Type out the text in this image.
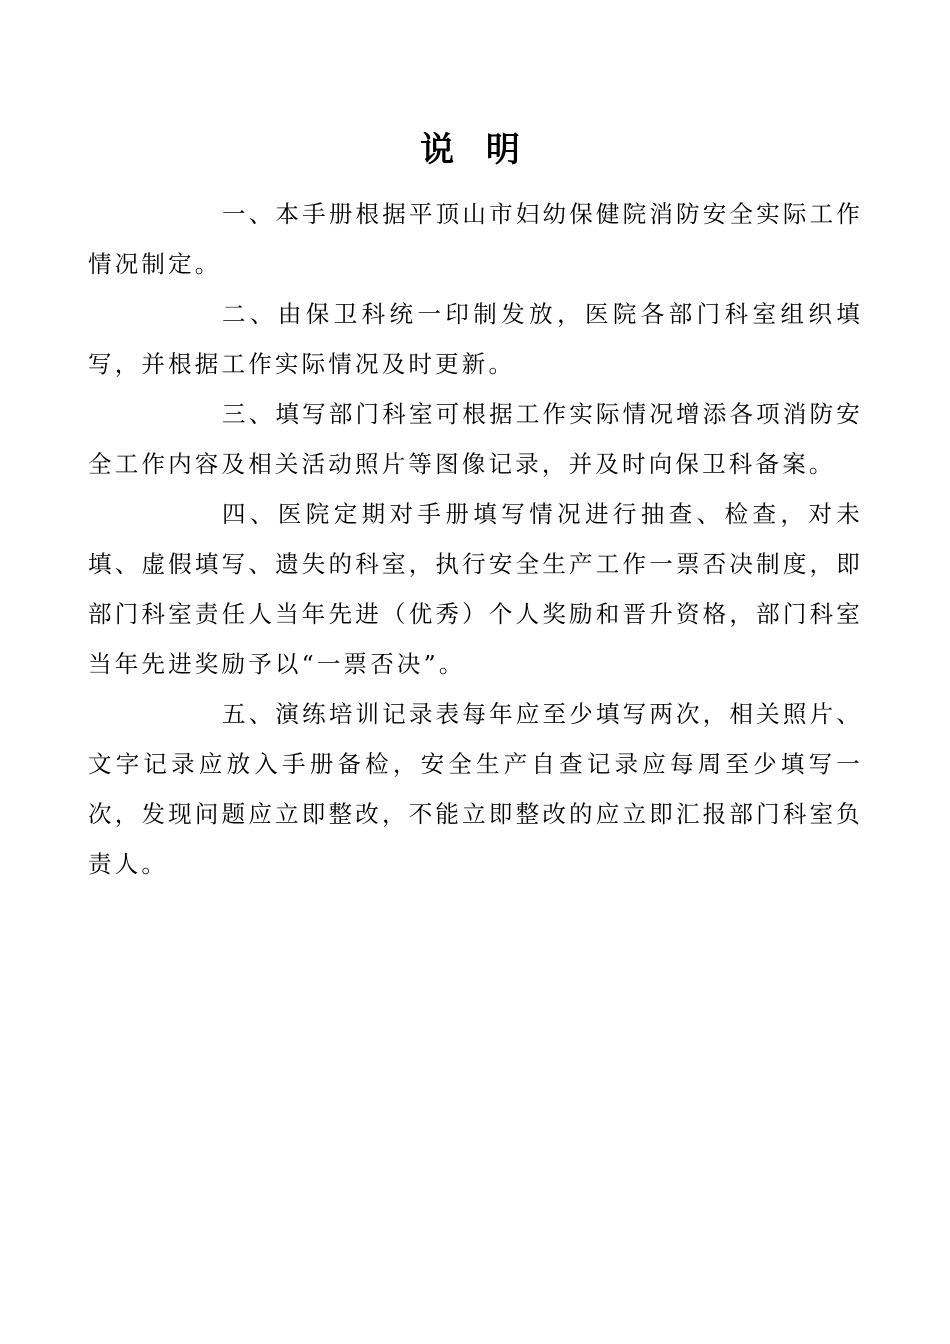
说 明

一、本手册根据平顶山市妇幼保健院消防安全实际工作情况制定。

二、由保卫科统一印制发放，医院各部门科室组织填写，并根据工作实际情况及时更新。

三、填写部门科室可根据工作实际情况增添各项消防安全工作内容及相关活动照片等图像记录，并及时向保卫科备案。

四、医院定期对手册填写情况进行抽查、检查，对未填、虚假填写、遗失的科室，执行安全生产工作一票否决制度，即部门科室责任人当年先进（优秀）个人奖励和晋升资格，部门科室当年先进奖励予以“一票否决”。

五、演练培训记录表每年应至少填写两次，相关照片、文字记录应放入手册备检，安全生产自查记录应每周至少填写一次，发现问题应立即整改，不能立即整改的应立即汇报部门科室负责人。
